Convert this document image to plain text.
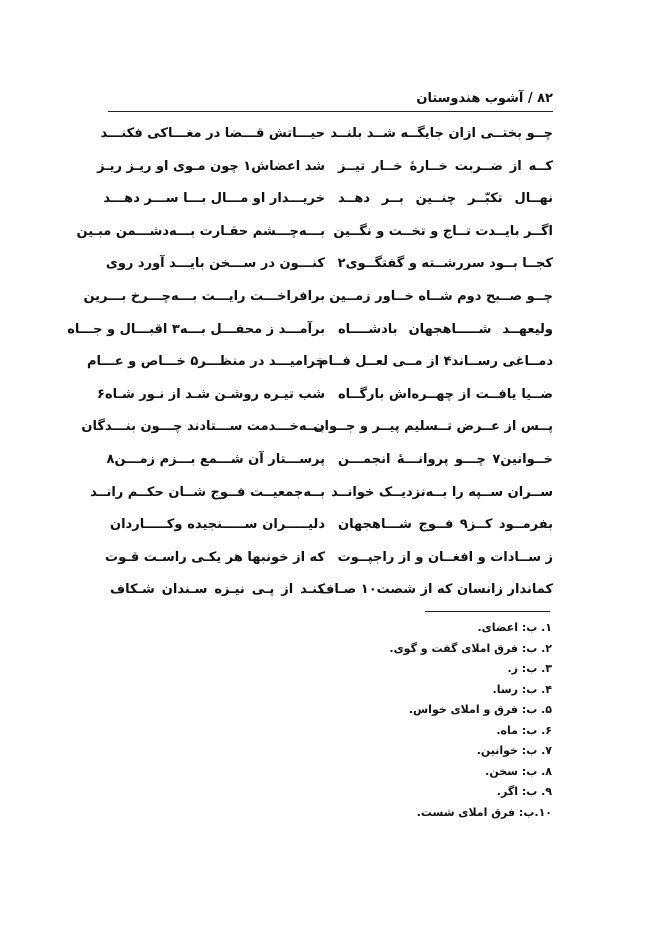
۸۲ / آشوب هندوستان
چــو بختــی ازان جایگــه شــد بلنــد
کــه از ضــربت خــارهٔ خــار تیــز
نهــال تکبّــر چنــین بــر دهــد
اگــر بایــدت تــاج و تخــت و نگــین
کجــا بــود سررشــته و گفتگــوی۲
چــو صــبح دوم شــاه خــاور زمــین
ولیعهــد شـــــاهجهان بادشــــاه
دمــاغی رســاند۴ از مــی لعــل فــام
ضــیا یافــت از چهــره‌اش بارگــاه
پــس از عــرض تــسلیم پیــر و جــوان
خــوانین۷ چـــو پروانـــهٔ انجمـــن
ســران ســپه را بــه‌نزدیــک خوانــد
بفرمــود کــز۹ فــوج شـــاهجهان
ز ســادات و افغــان و از راجپــوت
کماندار زانسان که از شصت۱۰ صـاف
حیـــاتش قـــضا در مغـــاکی فکنـــد
شد اعضاش۱ چون مـوی او ریـز ریـز
خریـــدار او مـــال بـــا ســـر دهـــد
بـــه‌چـــشم حقـارت بـــه‌دشـــمن مبـین
کنـــون در ســـخن بایـــد آورد روی
برافراخـــت رایـــت بـــه‌چـــرخ بـــرین
برآمـــد ز محفـــل بـــه۳ اقبـــال و جـــاه
خرامیـــد در منظـــر۵ خـــاص و عـــام
شب تیـره روشـن شـد از نـور شـاه۶
بـــه‌خـــدمت ســـتادند چـــون بنـــدگان
پرســـتار آن شـــمع بـــزم زمـــن۸
بــه‌جمعیــت فــوج شــان حکــم رانــد
دلیـــــران ســـــنجیده وکـــــاردان
که از خونبها هر یکـی راسـت قـوت
کنـد از پـی نیـزه سـندان شـکاف
۱. ب: اعضای.
۲. ب: فرق املای گفت و گوی.
۳. ب: ز.
۴. ب: رسا.
۵. ب: فرق و املای خواس.
۶. ب: ماه.
۷. ب: خوانین.
۸. ب: سخن.
۹. ب: اگر.
۱۰.ب: فرق املای شست.
